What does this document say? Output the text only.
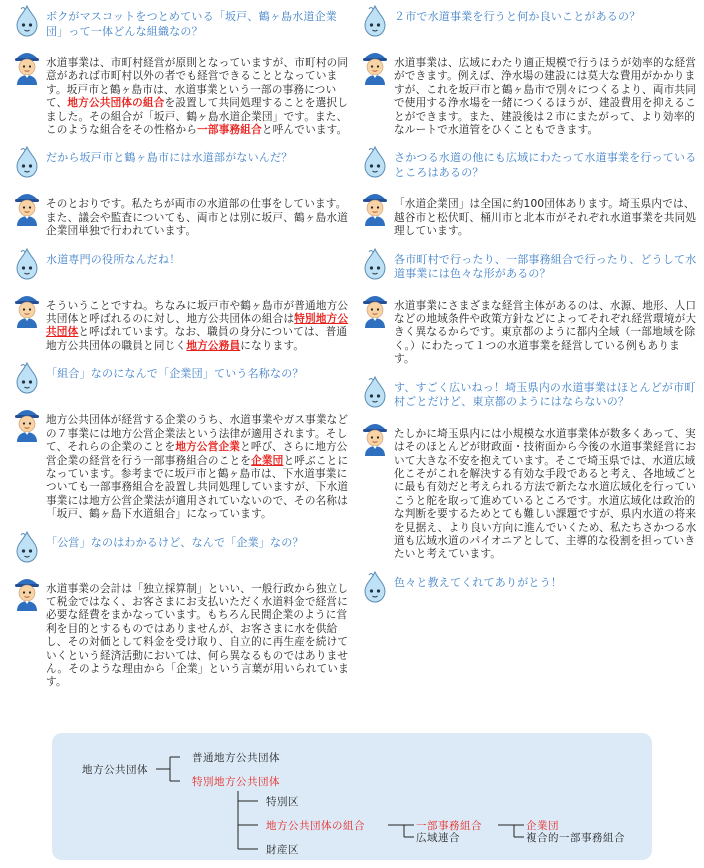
ボクがマスコットをつとめている「坂戸、鶴ヶ島水道企業団」って一体どんな組織なの？
水道事業は、市町村経営が原則となっていますが、市町村の同意があれば市町村以外の者でも経営できることとなっています。坂戸市と鶴ヶ島市は、水道事業という一部の事務について、地方公共団体の組合を設置して共同処理することを選択しました。その組合が「坂戸、鶴ヶ島水道企業団」です。また、このような組合をその性格から一部事務組合と呼んでいます。
だから坂戸市と鶴ヶ島市には水道部がないんだ？
そのとおりです。私たちが両市の水道部の仕事をしています。また、議会や監査についても、両市とは別に坂戸、鶴ヶ島水道企業団単独で行われています。
水道専門の役所なんだね！
そういうことですね。ちなみに坂戸市や鶴ヶ島市が普通地方公共団体と呼ばれるのに対し、地方公共団体の組合は特別地方公共団体と呼ばれています。なお、職員の身分については、普通地方公共団体の職員と同じく地方公務員になります。
「組合」なのになんで「企業団」ていう名称なの？
地方公共団体が経営する企業のうち、水道事業やガス事業などの７事業には地方公営企業法という法律が適用されます。そして、それらの企業のことを地方公営企業と呼び、さらに地方公営企業の経営を行う一部事務組合のことを企業団と呼ぶことになっています。参考までに坂戸市と鶴ヶ島市は、下水道事業についても一部事務組合を設置し共同処理していますが、下水道事業には地方公営企業法が適用されていないので、その名称は「坂戸、鶴ヶ島下水道組合」になっています。
「公営」なのはわかるけど、なんで「企業」なの？
水道事業の会計は「独立採算制」といい、一般行政から独立して税金ではなく、お客さまにお支払いただく水道料金で経営に必要な経費をまかなっています。もちろん民間企業のように営利を目的とするものではありませんが、お客さまに水を供給し、その対価として料金を受け取り、自立的に再生産を続けていくという経済活動においては、何ら異なるものではありません。そのような理由から「企業」という言葉が用いられています。
２市で水道事業を行うと何か良いことがあるの？
水道事業は、広域にわたり適正規模で行うほうが効率的な経営ができます。例えば、浄水場の建設には莫大な費用がかかりますが、これを坂戸市と鶴ヶ島市で別々につくるより、両市共同で使用する浄水場を一緒につくるほうが、建設費用を抑えることができます。また、建設後は２市にまたがって、より効率的なルートで水道管をひくこともできます。
さかつる水道の他にも広域にわたって水道事業を行っているところはあるの？
「水道企業団」は全国に約100団体あります。埼玉県内では、越谷市と松伏町、桶川市と北本市がそれぞれ水道事業を共同処理しています。
各市町村で行ったり、一部事務組合で行ったり、どうして水道事業には色々な形があるの？
水道事業にさまざまな経営主体があるのは、水源、地形、人口などの地域条件や政策方針などによってそれぞれ経営環境が大きく異なるからです。東京都のように都内全域（一部地域を除く。）にわたって１つの水道事業を経営している例もあります。
す、すごく広いねっ！埼玉県内の水道事業はほとんどが市町村ごとだけど、東京都のようにはならないの？
たしかに埼玉県内には小規模な水道事業体が数多くあって、実はそのほとんどが財政面・技術面から今後の水道事業経営において大きな不安を抱えています。そこで埼玉県では、水道広域化こそがこれを解決する有効な手段であると考え、各地域ごとに最も有効だと考えられる方法で新たな水道広域化を行っていこうと舵を取って進めているところです。水道広域化は政治的な判断を要するためとても難しい課題ですが、県内水道の将来を見据え、より良い方向に進んでいくため、私たちさかつる水道も広域水道のパイオニアとして、主導的な役割を担っていきたいと考えています。
色々と教えてくれてありがとう！
地方公共団体
普通地方公共団体
特別地方公共団体
特別区
地方公共団体の組合
財産区
一部事務組合
広域連合
企業団
複合的一部事務組合
